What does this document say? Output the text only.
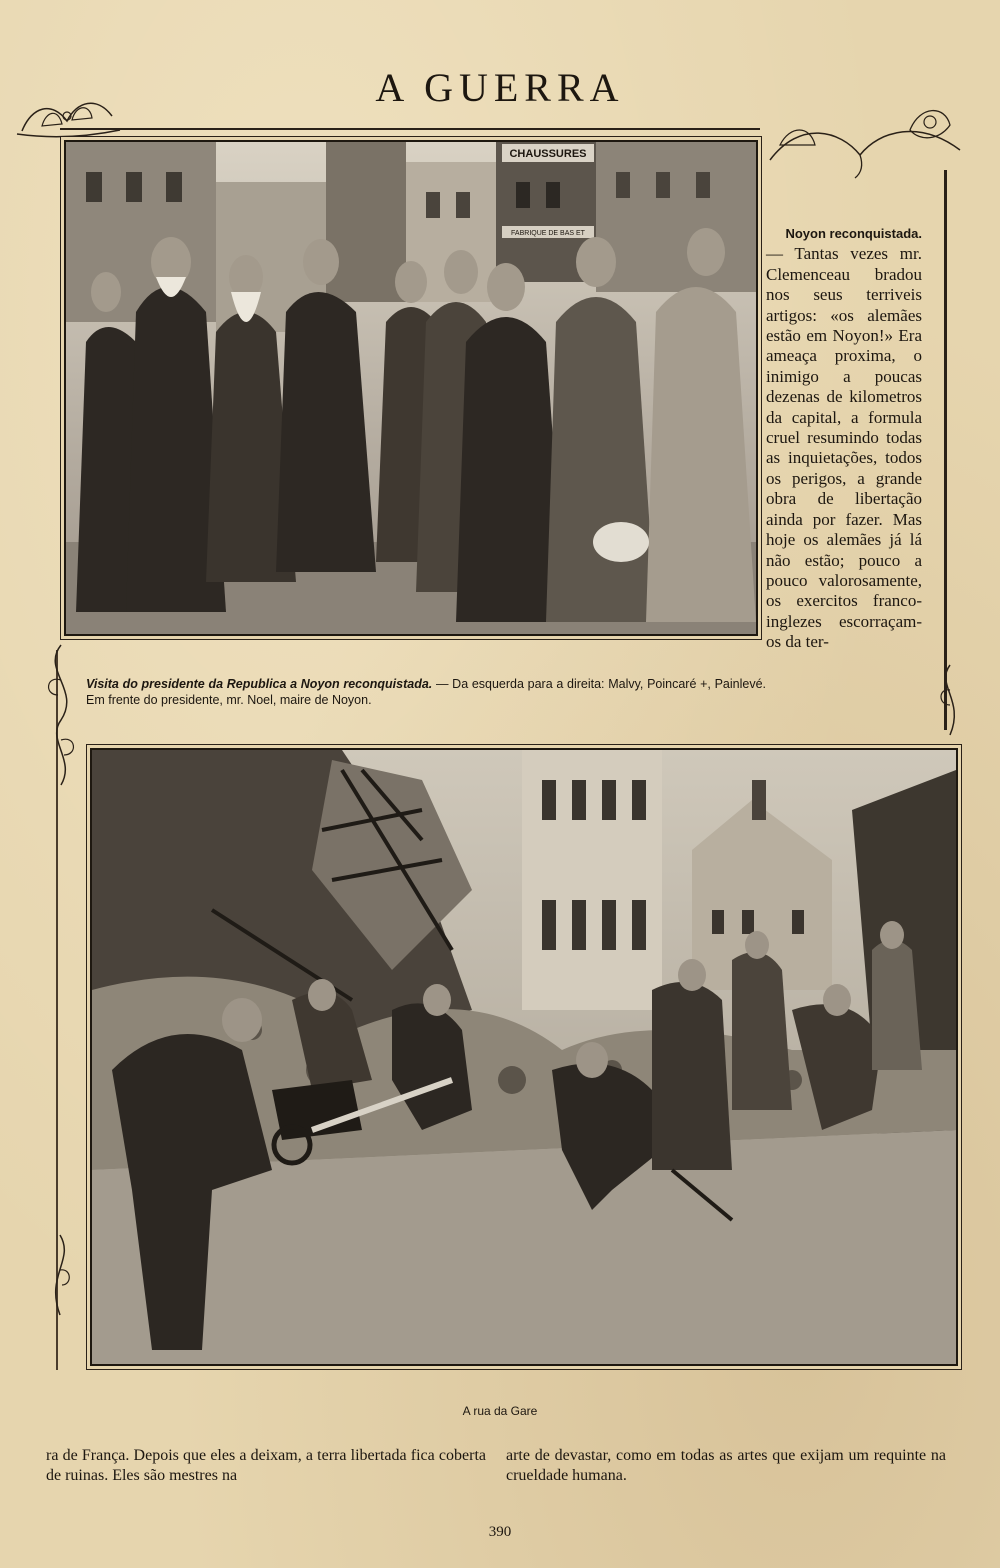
A GUERRA
CHAUSSURES
FABRIQUE DE BAS ET
Visita do presidente da Republica a Noyon reconquistada. — Da esquerda para a direita: Malvy, Poincaré +, Painlevé. Em frente do presidente, mr. Noel, maire de Noyon.
Noyon reconquistada.
— Tantas vezes mr. Clemenceau bradou nos seus terriveis artigos: «os alemães estão em Noyon!» Era ameaça proxima, o inimigo a poucas dezenas de kilometros da capital, a formula cruel resumindo todas as inquietações, todos os perigos, a grande obra de libertação ainda por fazer. Mas hoje os alemães já lá não estão; pouco a pouco valorosamente, os exercitos franco-inglezes escorraçam-os da ter-
A rua da Gare
ra de França. Depois que eles a deixam, a terra libertada fica coberta de ruinas. Eles são mestres na
arte de devastar, como em todas as artes que exijam um requinte na crueldade humana.
390
